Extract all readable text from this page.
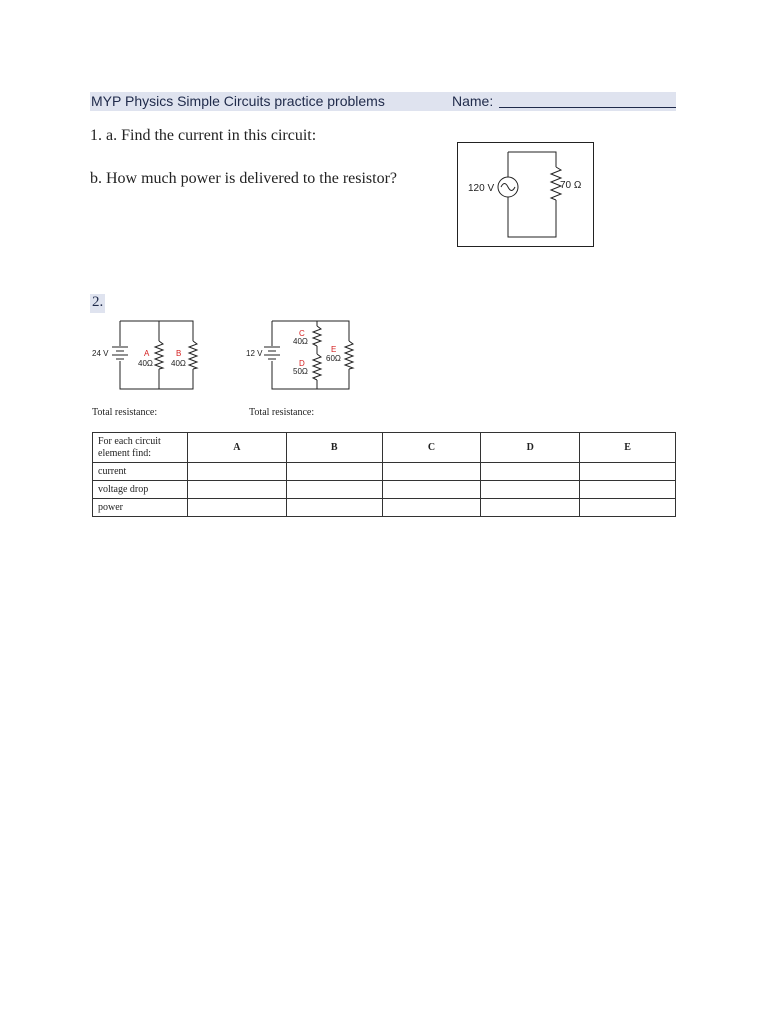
MYP Physics Simple Circuits practice problems	Name:
1. a. Find the current in this circuit:
b. How much power is delivered to the resistor?
120 V	70 Ω
2.
24 V	A
40Ω
B
40Ω
12 V
C
40Ω
D
50Ω
E
60Ω
Total resistance:	Total resistance:
For each circuit
element find:	A	B	C	D	E
current					
voltage drop					
power					
